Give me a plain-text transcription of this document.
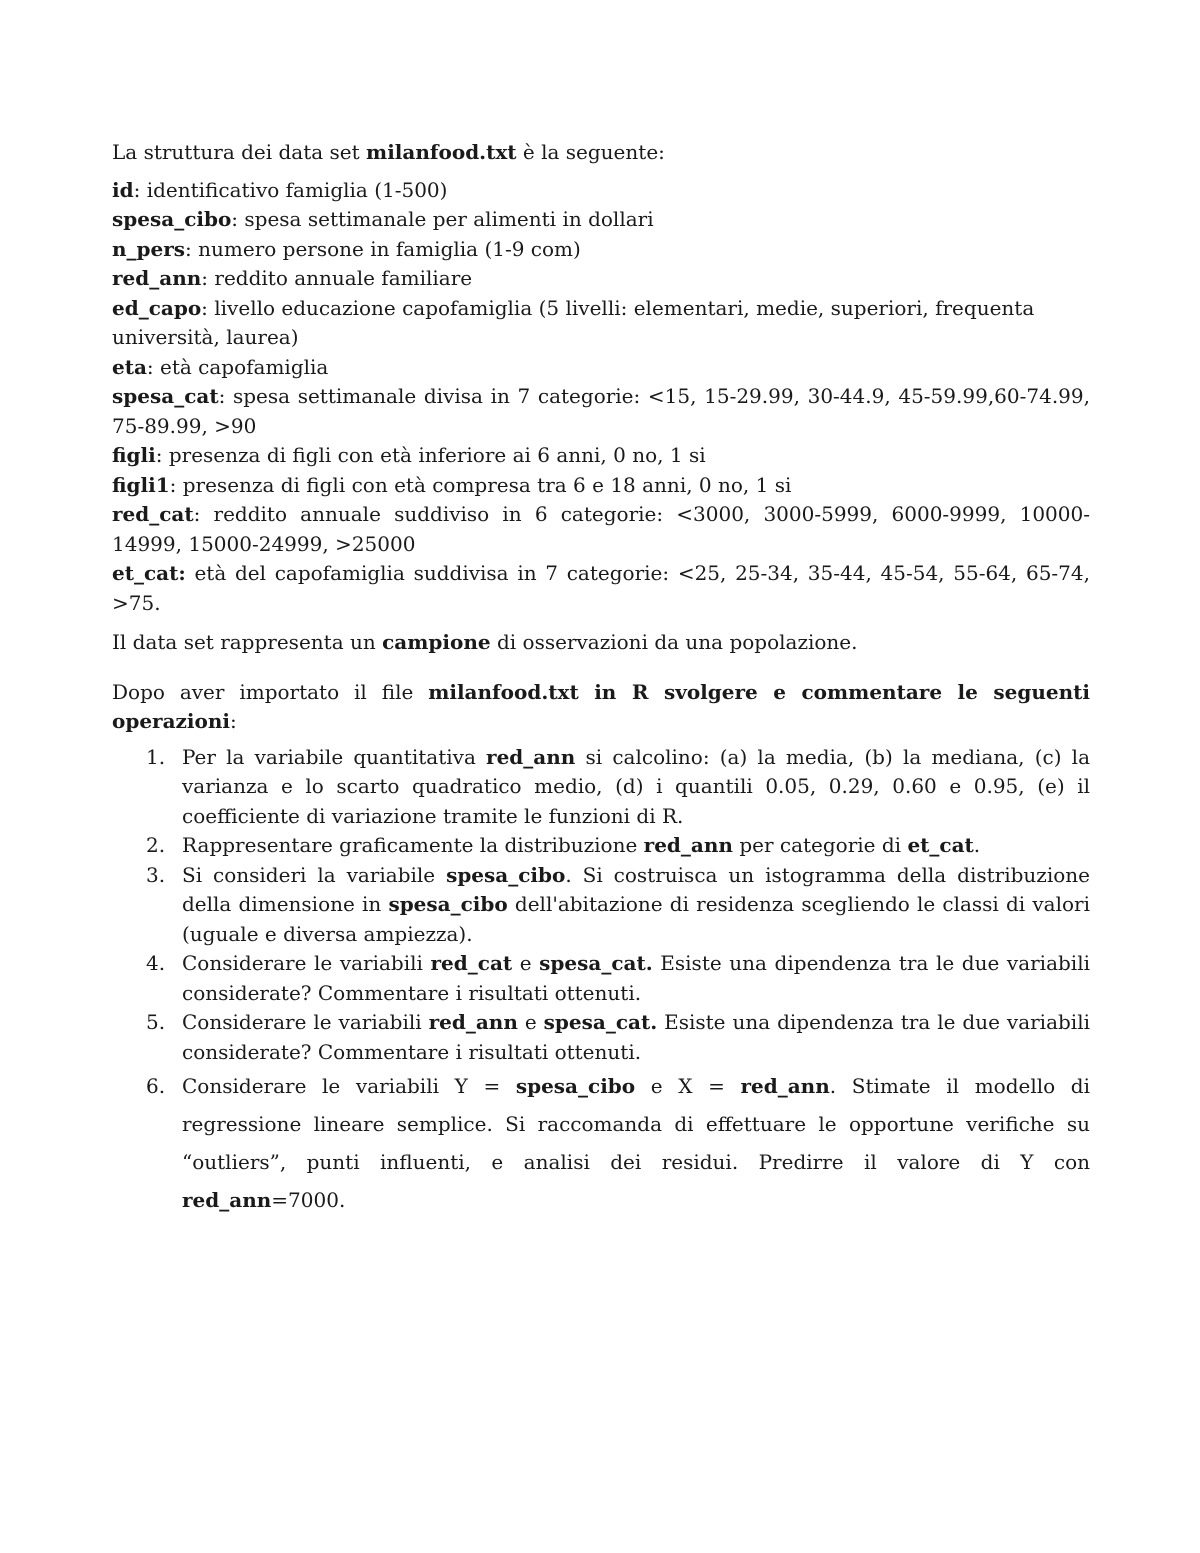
La struttura dei data set milanfood.txt è la seguente:

id: identificativo famiglia (1-500)

spesa_cibo: spesa settimanale per alimenti in dollari

n_pers: numero persone in famiglia (1-9 com)

red_ann: reddito annuale familiare

ed_capo: livello educazione capofamiglia (5 livelli: elementari, medie, superiori, frequenta università, laurea)

eta: età capofamiglia

spesa_cat: spesa settimanale divisa in 7 categorie: <15, 15-29.99, 30-44.9, 45-59.99,60-74.99, 75-89.99, >90

figli: presenza di figli con età inferiore ai 6 anni, 0 no, 1 si

figli1: presenza di figli con età compresa tra 6 e 18 anni, 0 no, 1 si

red_cat: reddito annuale suddiviso in 6 categorie: <3000, 3000-5999, 6000-9999, 10000-14999, 15000-24999, >25000

et_cat: età del capofamiglia suddivisa in 7 categorie: <25, 25-34, 35-44, 45-54, 55-64, 65-74, >75.

Il data set rappresenta un campione di osservazioni da una popolazione.

Dopo aver importato il file milanfood.txt in R svolgere e commentare le seguenti operazioni:

1. Per la variabile quantitativa red_ann si calcolino: (a) la media, (b) la mediana, (c) la varianza e lo scarto quadratico medio, (d) i quantili 0.05, 0.29, 0.60 e 0.95, (e) il coefficiente di variazione tramite le funzioni di R.
2. Rappresentare graficamente la distribuzione red_ann per categorie di et_cat.
3. Si consideri la variabile spesa_cibo. Si costruisca un istogramma della distribuzione della dimensione in spesa_cibo dell'abitazione di residenza scegliendo le classi di valori (uguale e diversa ampiezza).
4. Considerare le variabili red_cat e spesa_cat. Esiste una dipendenza tra le due variabili considerate? Commentare i risultati ottenuti.
5. Considerare le variabili red_ann e spesa_cat. Esiste una dipendenza tra le due variabili considerate? Commentare i risultati ottenuti.
6. Considerare le variabili Y = spesa_cibo e X = red_ann. Stimate il modello di regressione lineare semplice. Si raccomanda di effettuare le opportune verifiche su “outliers”, punti influenti, e analisi dei residui. Predirre il valore di Y con red_ann=7000.
